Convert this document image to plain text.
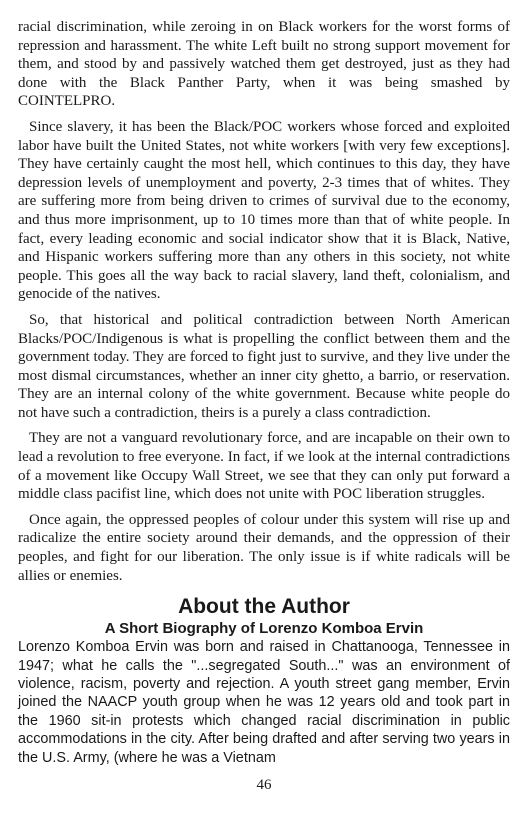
racial discrimination, while zeroing in on Black workers for the worst forms of repression and harassment. The white Left built no strong support movement for them, and stood by and passively watched them get destroyed, just as they had done with the Black Panther Party, when it was being smashed by COINTELPRO.

Since slavery, it has been the Black/POC workers whose forced and exploited labor have built the United States, not white workers [with very few exceptions]. They have certainly caught the most hell, which continues to this day, they have depression levels of unemployment and poverty, 2-3 times that of whites. They are suffering more from being driven to crimes of survival due to the economy, and thus more imprisonment, up to 10 times more than that of white people. In fact, every leading economic and social indicator show that it is Black, Native, and Hispanic workers suffering more than any others in this society, not white people. This goes all the way back to racial slavery, land theft, colonialism, and genocide of the natives.

So, that historical and political contradiction between North American Blacks/POC/Indigenous is what is propelling the conflict between them and the government today. They are forced to fight just to survive, and they live under the most dismal circumstances, whether an inner city ghetto, a barrio, or reservation. They are an internal colony of the white government. Because white people do not have such a contradiction, theirs is a purely a class contradiction.

They are not a vanguard revolutionary force, and are incapable on their own to lead a revolution to free everyone. In fact, if we look at the internal contradictions of a movement like Occupy Wall Street, we see that they can only put forward a middle class pacifist line, which does not unite with POC liberation struggles.

Once again, the oppressed peoples of colour under this system will rise up and radicalize the entire society around their demands, and the oppression of their peoples, and fight for our liberation. The only issue is if white radicals will be allies or enemies.

About the Author
A Short Biography of Lorenzo Komboa Ervin

Lorenzo Komboa Ervin was born and raised in Chattanooga, Tennessee in 1947; what he calls the "...segregated South..." was an environment of violence, racism, poverty and rejection. A youth street gang member, Ervin joined the NAACP youth group when he was 12 years old and took part in the 1960 sit-in protests which changed racial discrimination in public accommodations in the city. After being drafted and after serving two years in the U.S. Army, (where he was a Vietnam

46
